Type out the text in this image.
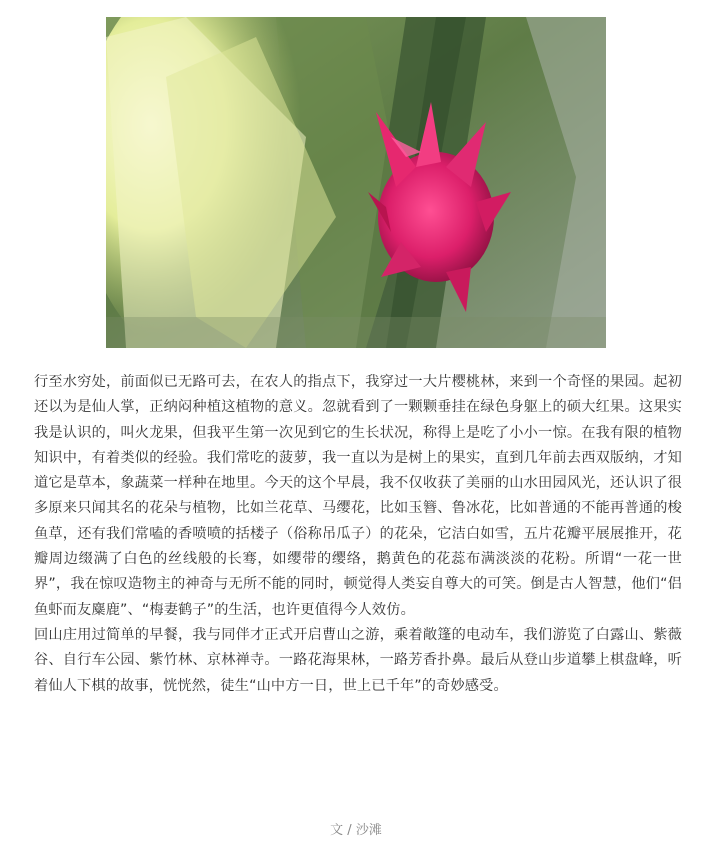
行至水穷处，前面似已无路可去，在农人的指点下，我穿过一大片樱桃林，来到一个奇怪的果园。起初还以为是仙人掌，正纳闷种植这植物的意义。忽就看到了一颗颗垂挂在绿色身躯上的硕大红果。这果实我是认识的，叫火龙果，但我平生第一次见到它的生长状况，称得上是吃了小小一惊。在我有限的植物知识中，有着类似的经验。我们常吃的菠萝，我一直以为是树上的果实，直到几年前去西双版纳，才知道它是草本，象蔬菜一样种在地里。今天的这个早晨，我不仅收获了美丽的山水田园风光，还认识了很多原来只闻其名的花朵与植物，比如兰花草、马缨花，比如玉簪、鲁冰花，比如普通的不能再普通的梭鱼草，还有我们常嗑的香喷喷的括楼子（俗称吊瓜子）的花朵，它洁白如雪，五片花瓣平展展推开，花瓣周边缀满了白色的丝线般的长骞，如缨带的缨络，鹅黄色的花蕊布满淡淡的花粉。所谓“一花一世界”，我在惊叹造物主的神奇与无所不能的同时，顿觉得人类妄自尊大的可笑。倒是古人智慧，他们“侣鱼虾而友麋鹿”、“梅妻鹤子”的生活，也许更值得今人效仿。

回山庄用过简单的早餐，我与同伴才正式开启曹山之游，乘着敞篷的电动车，我们游览了白露山、紫薇谷、自行车公园、紫竹林、京林禅寺。一路花海果林，一路芳香扑鼻。最后从登山步道攀上棋盘峰，听着仙人下棋的故事，恍恍然，徒生“山中方一日，世上已千年”的奇妙感受。

文 / 沙滩
